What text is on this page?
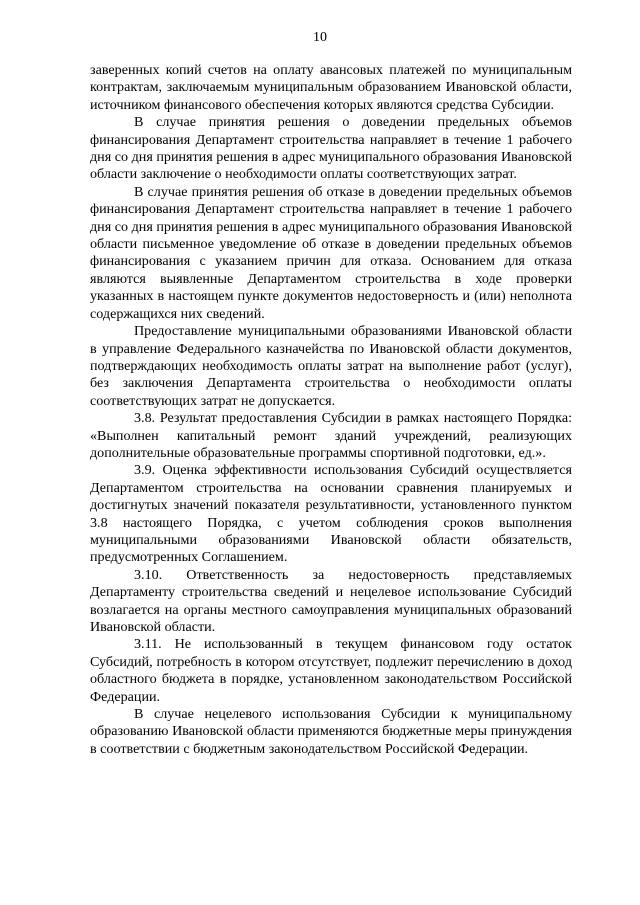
10

заверенных копий счетов на оплату авансовых платежей по муниципальным контрактам, заключаемым муниципальным образованием Ивановской области, источником финансового обеспечения которых являются средства Субсидии.

В случае принятия решения о доведении предельных объемов финансирования Департамент строительства направляет в течение 1 рабочего дня со дня принятия решения в адрес муниципального образования Ивановской области заключение о необходимости оплаты соответствующих затрат.

В случае принятия решения об отказе в доведении предельных объемов финансирования Департамент строительства направляет в течение 1 рабочего дня со дня принятия решения в адрес муниципального образования Ивановской области письменное уведомление об отказе в доведении предельных объемов финансирования с указанием причин для отказа. Основанием для отказа являются выявленные Департаментом строительства в ходе проверки указанных в настоящем пункте документов недостоверность и (или) неполнота содержащихся них сведений.

Предоставление муниципальными образованиями Ивановской области в управление Федерального казначейства по Ивановской области документов, подтверждающих необходимость оплаты затрат на выполнение работ (услуг), без заключения Департамента строительства о необходимости оплаты соответствующих затрат не допускается.

3.8. Результат предоставления Субсидии в рамках настоящего Порядка: «Выполнен капитальный ремонт зданий учреждений, реализующих дополнительные образовательные программы спортивной подготовки, ед.».

3.9. Оценка эффективности использования Субсидий осуществляется Департаментом строительства на основании сравнения планируемых и достигнутых значений показателя результативности, установленного пунктом 3.8 настоящего Порядка, с учетом соблюдения сроков выполнения муниципальными образованиями Ивановской области обязательств, предусмотренных Соглашением.

3.10. Ответственность за недостоверность представляемых Департаменту строительства сведений и нецелевое использование Субсидий возлагается на органы местного самоуправления муниципальных образований Ивановской области.

3.11. Не использованный в текущем финансовом году остаток Субсидий, потребность в котором отсутствует, подлежит перечислению в доход областного бюджета в порядке, установленном законодательством Российской Федерации.

В случае нецелевого использования Субсидии к муниципальному образованию Ивановской области применяются бюджетные меры принуждения в соответствии с бюджетным законодательством Российской Федерации.
